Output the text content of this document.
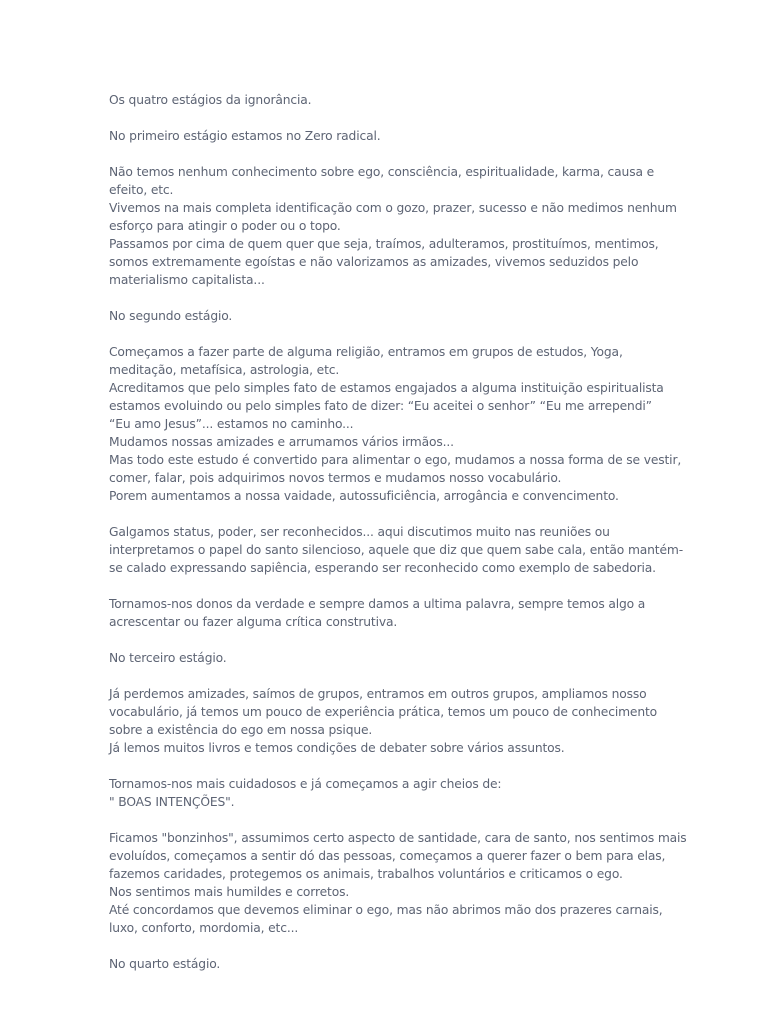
Os quatro estágios da ignorância.

No primeiro estágio estamos no Zero radical.

Não temos nenhum conhecimento sobre ego, consciência, espiritualidade, karma, causa e
efeito, etc.
Vivemos na mais completa identificação com o gozo, prazer, sucesso e não medimos nenhum
esforço para atingir o poder ou o topo.
Passamos por cima de quem quer que seja, traímos, adulteramos, prostituímos, mentimos,
somos extremamente egoístas e não valorizamos as amizades, vivemos seduzidos pelo
materialismo capitalista...

No segundo estágio.

Começamos a fazer parte de alguma religião, entramos em grupos de estudos, Yoga,
meditação, metafísica, astrologia, etc.
Acreditamos que pelo simples fato de estamos engajados a alguma instituição espiritualista
estamos evoluindo ou pelo simples fato de dizer: “Eu aceitei o senhor” “Eu me arrependi”
“Eu amo Jesus”... estamos no caminho...
Mudamos nossas amizades e arrumamos vários irmãos...
Mas todo este estudo é convertido para alimentar o ego, mudamos a nossa forma de se vestir,
comer, falar, pois adquirimos novos termos e mudamos nosso vocabulário.
Porem aumentamos a nossa vaidade, autossuficiência, arrogância e convencimento.

Galgamos status, poder, ser reconhecidos... aqui discutimos muito nas reuniões ou
interpretamos o papel do santo silencioso, aquele que diz que quem sabe cala, então mantém-
se calado expressando sapiência, esperando ser reconhecido como exemplo de sabedoria.

Tornamos-nos donos da verdade e sempre damos a ultima palavra, sempre temos algo a
acrescentar ou fazer alguma crítica construtiva.

No terceiro estágio.

Já perdemos amizades, saímos de grupos, entramos em outros grupos, ampliamos nosso
vocabulário, já temos um pouco de experiência prática, temos um pouco de conhecimento
sobre a existência do ego em nossa psique.
Já lemos muitos livros e temos condições de debater sobre vários assuntos.

Tornamos-nos mais cuidadosos e já começamos a agir cheios de:
" BOAS INTENÇÕES".

Ficamos "bonzinhos", assumimos certo aspecto de santidade, cara de santo, nos sentimos mais
evoluídos, começamos a sentir dó das pessoas, começamos a querer fazer o bem para elas,
fazemos caridades, protegemos os animais, trabalhos voluntários e criticamos o ego.
Nos sentimos mais humildes e corretos.
Até concordamos que devemos eliminar o ego, mas não abrimos mão dos prazeres carnais,
luxo, conforto, mordomia, etc...

No quarto estágio.
